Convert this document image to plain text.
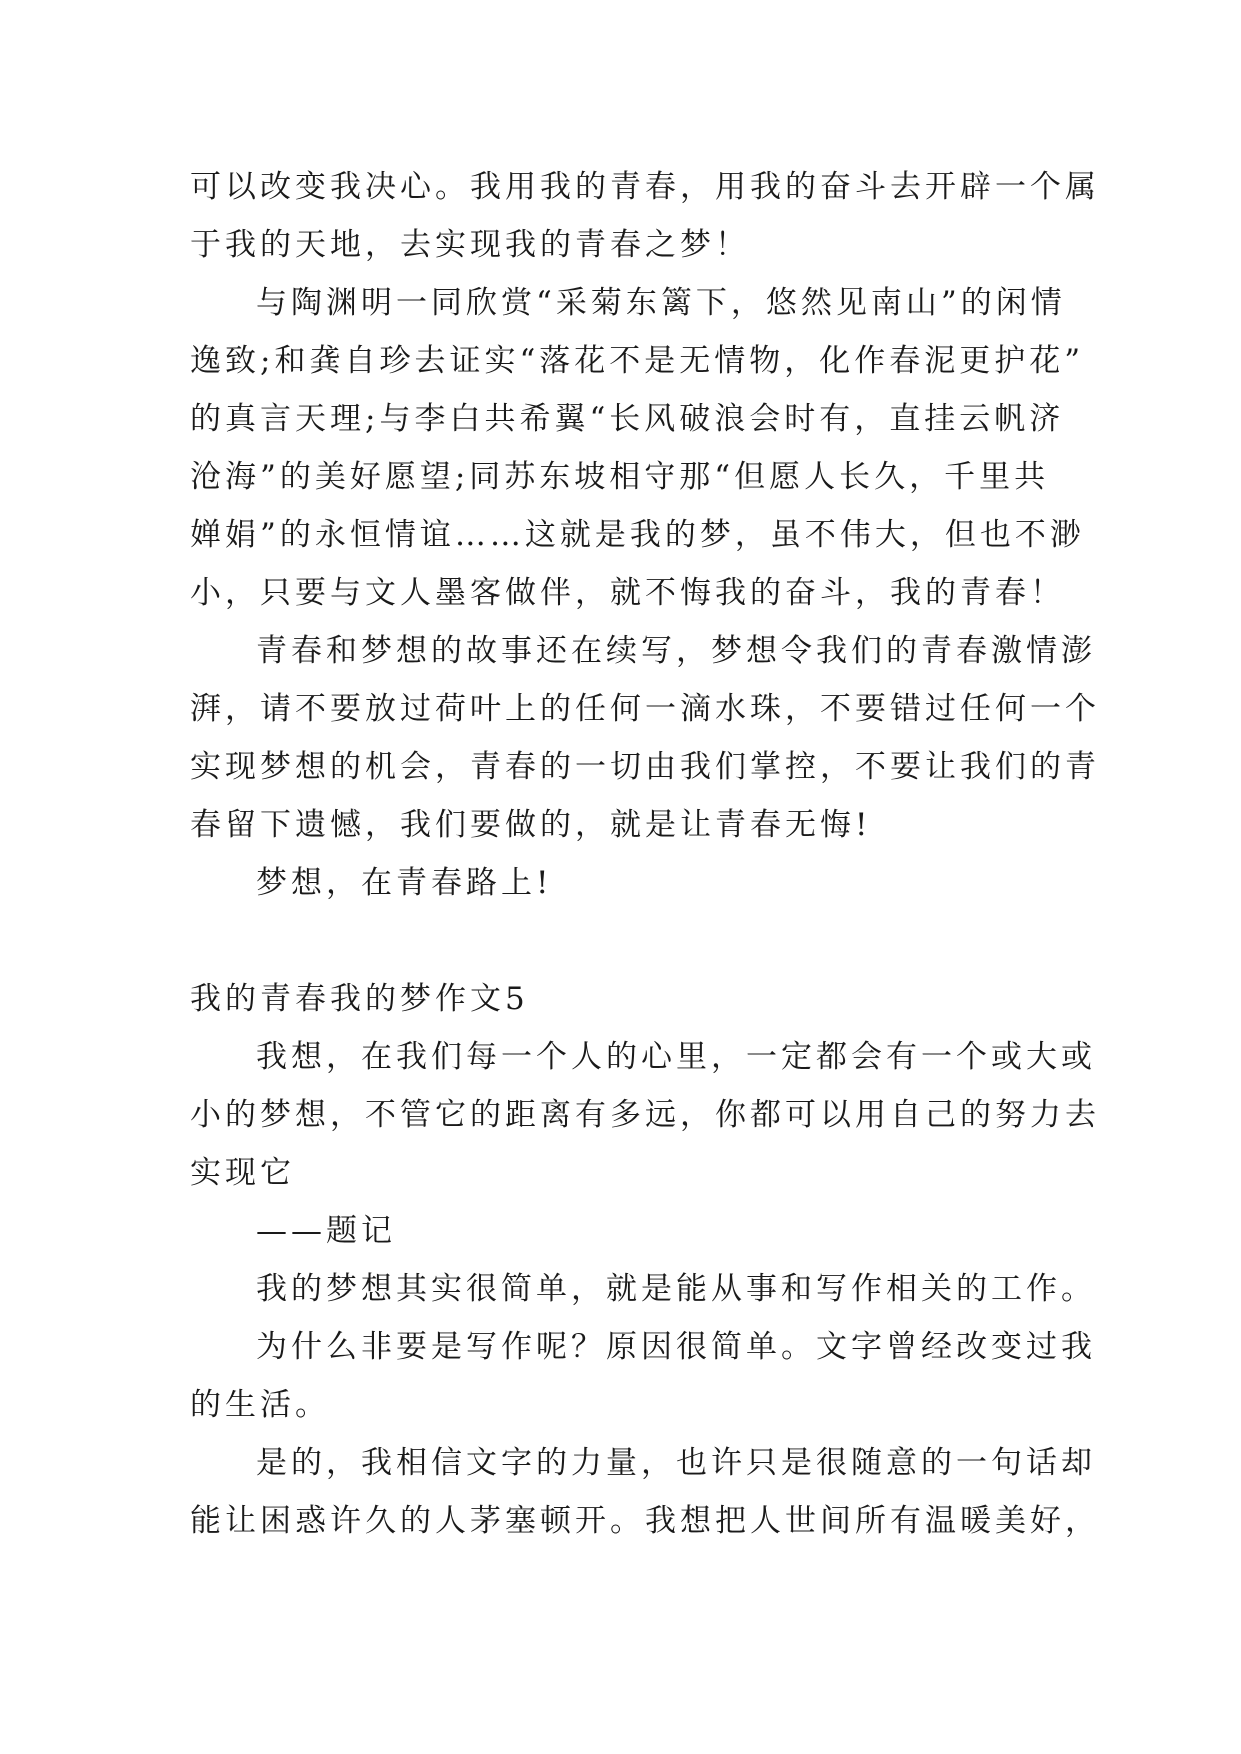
可以改变我决心。我用我的青春，用我的奋斗去开辟一个属
于我的天地，去实现我的青春之梦！
与陶渊明一同欣赏“采菊东篱下，悠然见南山”的闲情
逸致;和龚自珍去证实“落花不是无情物，化作春泥更护花”
的真言天理;与李白共希翼“长风破浪会时有，直挂云帆济
沧海”的美好愿望;同苏东坡相守那“但愿人长久，千里共
婵娟”的永恒情谊……这就是我的梦，虽不伟大，但也不渺
小，只要与文人墨客做伴，就不悔我的奋斗，我的青春！
青春和梦想的故事还在续写，梦想令我们的青春激情澎
湃，请不要放过荷叶上的任何一滴水珠，不要错过任何一个
实现梦想的机会，青春的一切由我们掌控，不要让我们的青
春留下遗憾，我们要做的，就是让青春无悔!
梦想，在青春路上!
我的青春我的梦作文5
我想，在我们每一个人的心里，一定都会有一个或大或
小的梦想，不管它的距离有多远，你都可以用自己的努力去
实现它
——题记
我的梦想其实很简单，就是能从事和写作相关的工作。
为什么非要是写作呢？原因很简单。文字曾经改变过我
的生活。
是的，我相信文字的力量，也许只是很随意的一句话却
能让困惑许久的人茅塞顿开。我想把人世间所有温暖美好，
